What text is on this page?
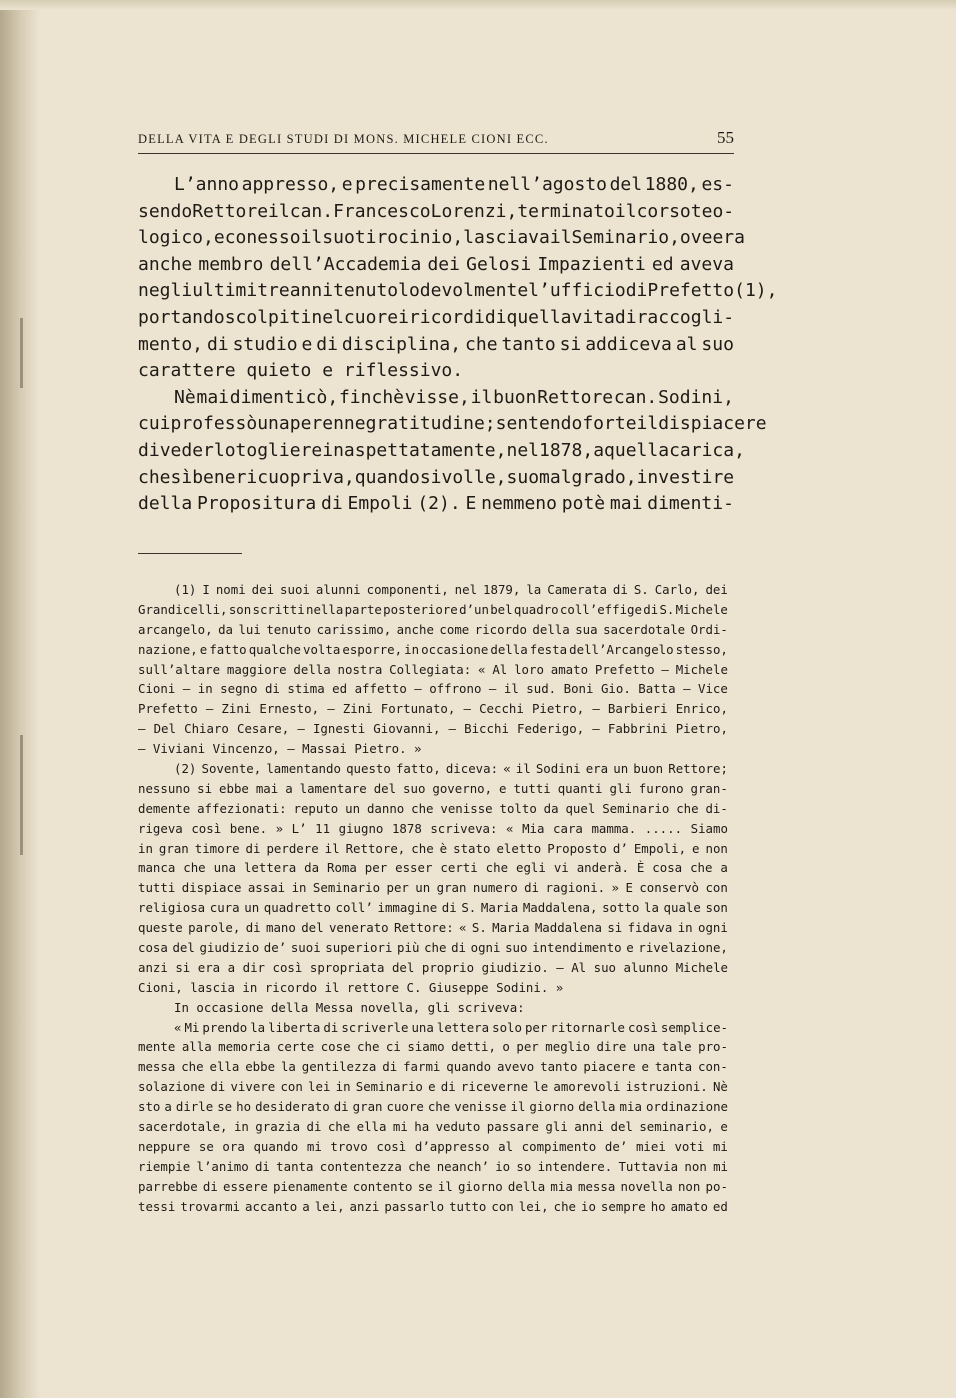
DELLA VITA E DEGLI STUDI DI MONS. MICHELE CIONI ECC.	55
L’anno appresso, e precisamente nell’agosto del 1880, es-
sendo Rettore il can. Francesco Lorenzi, terminato il corso teo-
logico, e con esso il suo tirocinio, lasciava il Seminario, ove era
anche membro dell’Accademia dei Gelosi Impazienti ed aveva
negli ultimi tre anni tenuto lodevolmente l’ufficio di Prefetto (1),
portando scolpiti nel cuore i ricordi di quella vita di raccogli-
mento, di studio e di disciplina, che tanto si addiceva al suo
carattere quieto e riflessivo.
Nè mai dimenticò, finchè visse, il buon Rettore can. Sodini,
cui professò una perenne gratitudine; sentendo forte il dispiacere
di vederlo togliere inaspettatamente, nel 1878, a quella carica,
che sì bene ricuopriva, quando si volle, suo malgrado, investire
della Propositura di Empoli (2). E nemmeno potè mai dimenti-
(1) I nomi dei suoi alunni componenti, nel 1879, la Camerata di S. Carlo, dei
Grandicelli, son scritti nella parte posteriore d’un bel quadro coll’effige di S. Michele
arcangelo, da lui tenuto carissimo, anche come ricordo della sua sacerdotale Ordi-
nazione, e fatto qualche volta esporre, in occasione della festa dell’Arcangelo stesso,
sull’altare maggiore della nostra Collegiata: « Al loro amato Prefetto — Michele
Cioni — in segno di stima ed affetto — offrono — il sud. Boni Gio. Batta — Vice
Prefetto — Zini Ernesto, — Zini Fortunato, — Cecchi Pietro, — Barbieri Enrico,
— Del Chiaro Cesare, — Ignesti Giovanni, — Bicchi Federigo, — Fabbrini Pietro,
— Viviani Vincenzo, — Massai Pietro. »
(2) Sovente, lamentando questo fatto, diceva: « il Sodini era un buon Rettore;
nessuno si ebbe mai a lamentare del suo governo, e tutti quanti gli furono gran-
demente affezionati: reputo un danno che venisse tolto da quel Seminario che di-
rigeva così bene. » L’ 11 giugno 1878 scriveva: « Mia cara mamma. ..... Siamo
in gran timore di perdere il Rettore, che è stato eletto Proposto d’ Empoli, e non
manca che una lettera da Roma per esser certi che egli vi anderà. È cosa che a
tutti dispiace assai in Seminario per un gran numero di ragioni. » E conservò con
religiosa cura un quadretto coll’ immagine di S. Maria Maddalena, sotto la quale son
queste parole, di mano del venerato Rettore: « S. Maria Maddalena si fidava in ogni
cosa del giudizio de’ suoi superiori più che di ogni suo intendimento e rivelazione,
anzi si era a dir così spropriata del proprio giudizio. — Al suo alunno Michele
Cioni, lascia in ricordo il rettore C. Giuseppe Sodini. »
In occasione della Messa novella, gli scriveva:
« Mi prendo la liberta di scriverle una lettera solo per ritornarle così semplice-
mente alla memoria certe cose che ci siamo detti, o per meglio dire una tale pro-
messa che ella ebbe la gentilezza di farmi quando avevo tanto piacere e tanta con-
solazione di vivere con lei in Seminario e di riceverne le amorevoli istruzioni. Nè
sto a dirle se ho desiderato di gran cuore che venisse il giorno della mia ordinazione
sacerdotale, in grazia di che ella mi ha veduto passare gli anni del seminario, e
neppure se ora quando mi trovo così d’appresso al compimento de’ miei voti mi
riempie l’animo di tanta contentezza che neanch’ io so intendere. Tuttavia non mi
parrebbe di essere pienamente contento se il giorno della mia messa novella non po-
tessi trovarmi accanto a lei, anzi passarlo tutto con lei, che io sempre ho amato ed
